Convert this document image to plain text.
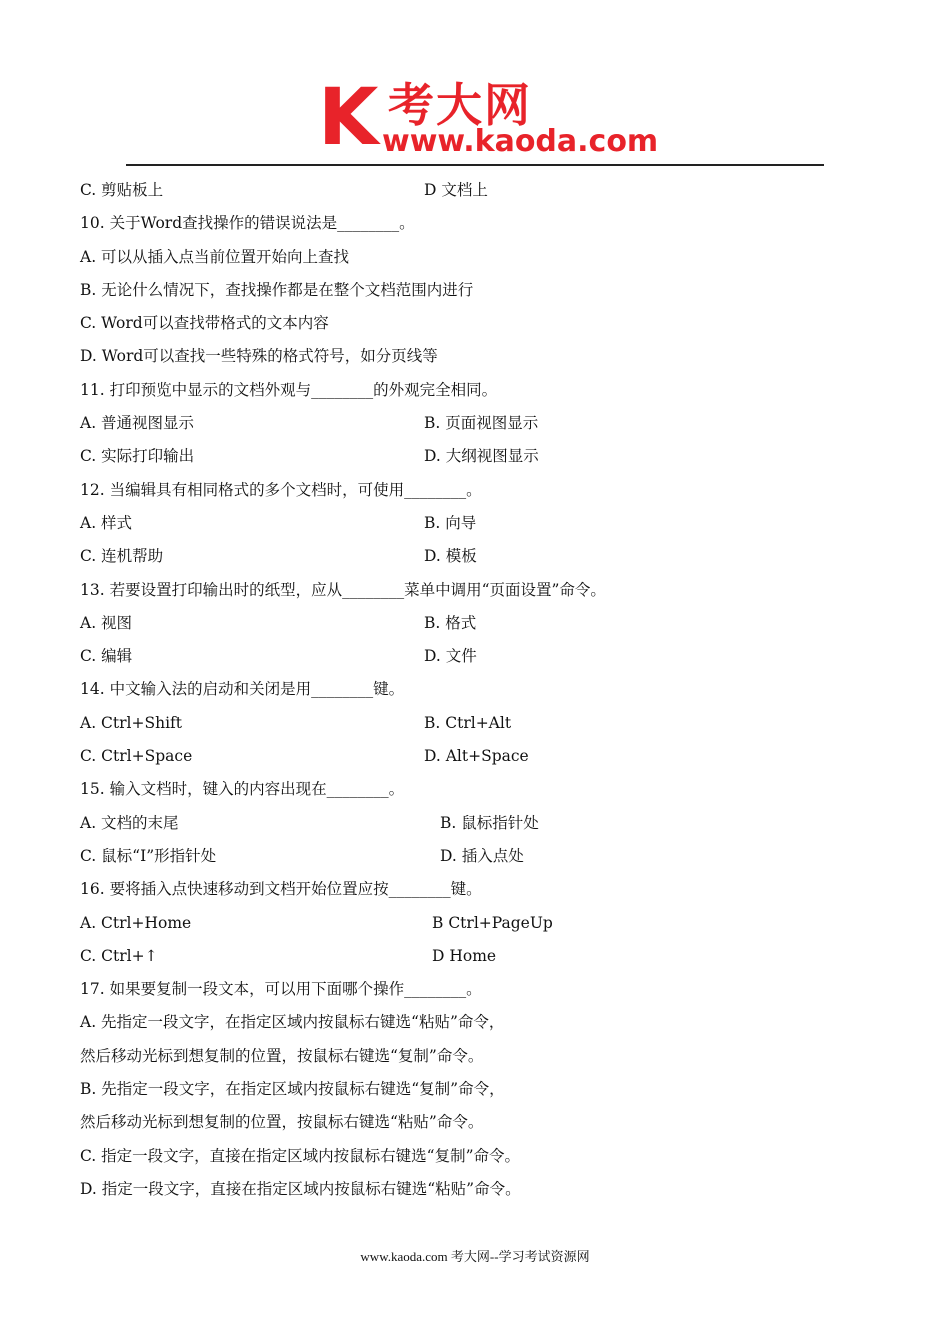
K 考大网
www.kaoda.com
C. 剪贴板上	D 文档上
10. 关于Word查找操作的错误说法是________。
A. 可以从插入点当前位置开始向上查找
B. 无论什么情况下，查找操作都是在整个文档范围内进行
C. Word可以查找带格式的文本内容
D. Word可以查找一些特殊的格式符号，如分页线等
11. 打印预览中显示的文档外观与________的外观完全相同。
A. 普通视图显示	B. 页面视图显示
C. 实际打印输出	D. 大纲视图显示
12. 当编辑具有相同格式的多个文档时，可使用________。
A. 样式	B. 向导
C. 连机帮助	D. 模板
13. 若要设置打印输出时的纸型，应从________菜单中调用“页面设置”命令。
A. 视图	B. 格式
C. 编辑	D. 文件
14. 中文输入法的启动和关闭是用________键。
A. Ctrl+Shift	B. Ctrl+Alt
C. Ctrl+Space	D. Alt+Space
15. 输入文档时，键入的内容出现在________。
A. 文档的末尾	B. 鼠标指针处
C. 鼠标“I”形指针处	D. 插入点处
16. 要将插入点快速移动到文档开始位置应按________键。
A. Ctrl+Home	B Ctrl+PageUp
C. Ctrl+↑	D Home
17. 如果要复制一段文本，可以用下面哪个操作________。
A. 先指定一段文字，在指定区域内按鼠标右键选“粘贴”命令，
然后移动光标到想复制的位置，按鼠标右键选“复制”命令。
B. 先指定一段文字，在指定区域内按鼠标右键选“复制”命令，
然后移动光标到想复制的位置，按鼠标右键选“粘贴”命令。
C. 指定一段文字，直接在指定区域内按鼠标右键选“复制”命令。
D. 指定一段文字，直接在指定区域内按鼠标右键选“粘贴”命令。
www.kaoda.com 考大网--学习考试资源网
